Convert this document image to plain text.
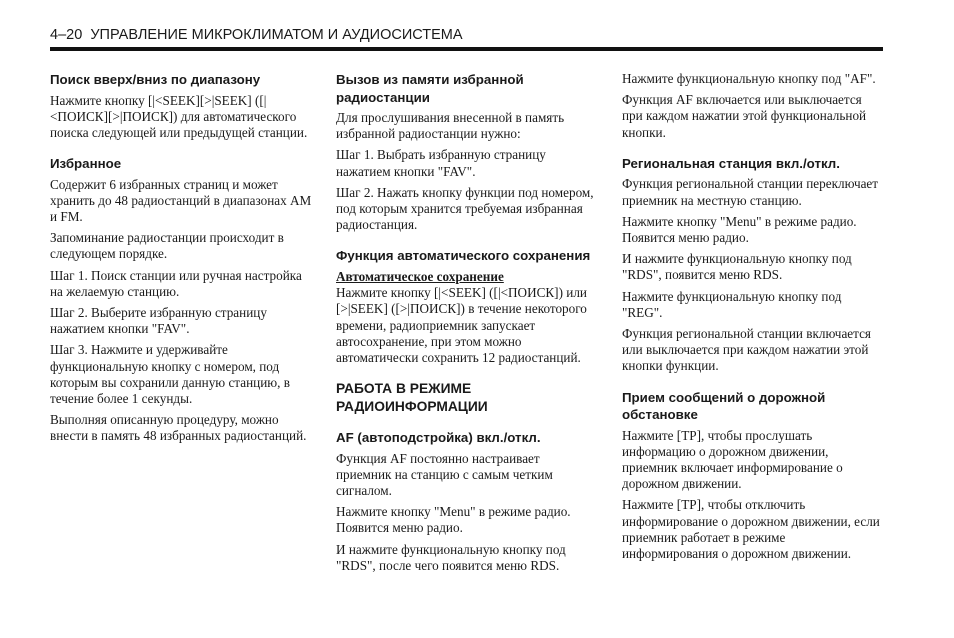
4–20 УПРАВЛЕНИЕ МИКРОКЛИМАТОМ И АУДИОСИСТЕМА
Поиск вверх/вниз по диапазону

Нажмите кнопку [|<SEEK][>|SEEK] ([|<ПОИСК][>|ПОИСК]) для автоматического поиска следующей или предыдущей станции.

Избранное

Содержит 6 избранных страниц и может хранить до 48 радиостанций в диапазонах AM и FM.

Запоминание радиостанции происходит в следующем порядке.

Шаг 1. Поиск станции или ручная настройка на желаемую станцию.

Шаг 2. Выберите избранную страницу нажатием кнопки "FAV".

Шаг 3. Нажмите и удерживайте функциональную кнопку с номером, под которым вы сохранили данную станцию, в течение более 1 секунды.

Выполняя описанную процедуру, можно внести в память 48 избранных радиостанций.

Вызов из памяти избранной радиостанции

Для прослушивания внесенной в память избранной радиостанции нужно:

Шаг 1. Выбрать избранную страницу нажатием кнопки "FAV".

Шаг 2. Нажать кнопку функции под номером, под которым хранится требуемая избранная радиостанция.

Функция автоматического сохранения

Автоматическое сохранение

Нажмите кнопку [|<SEEK] ([|<ПОИСК]) или [>|SEEK] ([>|ПОИСК]) в течение некоторого времени, радиоприемник запускает автосохранение, при этом можно автоматически сохранить 12 радиостанций.

РАБОТА В РЕЖИМЕ РАДИОИНФОРМАЦИИ
AF (автоподстройка) вкл./откл.

Функция AF постоянно настраивает приемник на станцию с самым четким сигналом.

Нажмите кнопку "Menu" в режиме радио. Появится меню радио.

И нажмите функциональную кнопку под "RDS", после чего появится меню RDS.

Нажмите функциональную кнопку под "AF".

Функция AF включается или выключается при каждом нажатии этой функциональной кнопки.

Региональная станция вкл./откл.

Функция региональной станции переключает приемник на местную станцию.

Нажмите кнопку "Menu" в режиме радио. Появится меню радио.

И нажмите функциональную кнопку под "RDS", появится меню RDS.

Нажмите функциональную кнопку под "REG".

Функция региональной станции включается или выключается при каждом нажатии этой кнопки функции.

Прием сообщений о дорожной обстановке

Нажмите [TP], чтобы прослушать информацию о дорожном движении, приемник включает информирование о дорожном движении.

Нажмите [TP], чтобы отключить информирование о дорожном движении, если приемник работает в режиме информирования о дорожном движении.
